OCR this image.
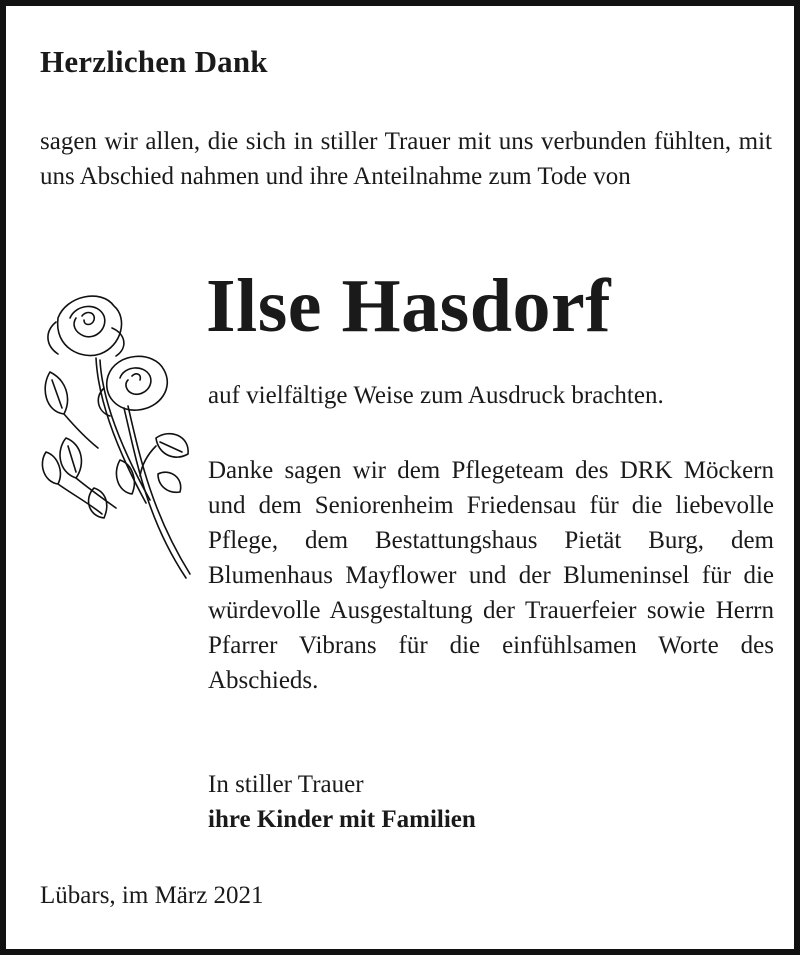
Herzlichen Dank
sagen wir allen, die sich in stiller Trauer mit uns verbunden fühlten, mit uns Abschied nahmen und ihre Anteilnahme zum Tode von
Ilse Hasdorf
auf vielfältige Weise zum Ausdruck brachten.
Danke sagen wir dem Pflegeteam des DRK Möckern und dem Seniorenheim Friedensau für die liebevolle Pflege, dem Bestattungshaus Pietät Burg, dem Blumenhaus Mayflower und der Blumeninsel für die würdevolle Ausgestaltung der Trauerfeier sowie Herrn Pfarrer Vibrans für die einfühlsamen Worte des Abschieds.
In stiller Trauer
ihre Kinder mit Familien
Lübars, im März 2021
